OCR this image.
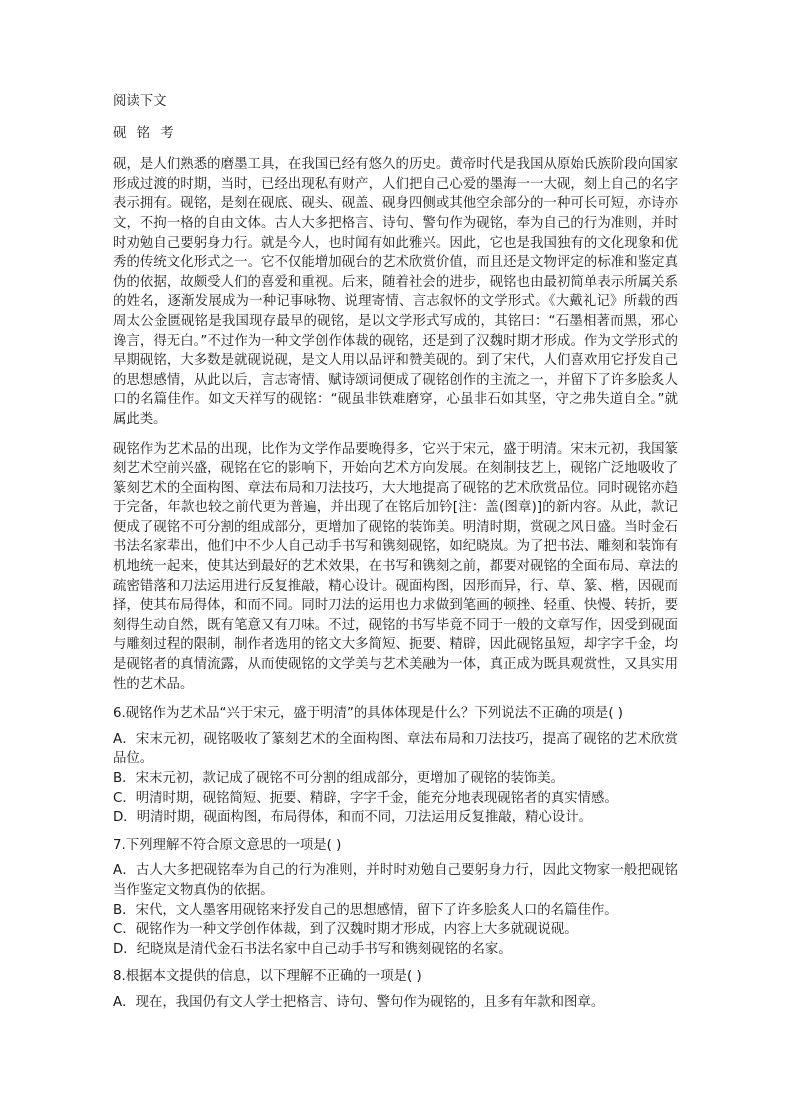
阅读下文

砚 铭 考

砚，是人们熟悉的磨墨工具，在我国已经有悠久的历史。黄帝时代是我国从原始氏族阶段向国家形成过渡的时期，当时，已经出现私有财产，人们把自己心爱的墨海一一大砚，刻上自己的名字表示拥有。砚铭，是刻在砚底、砚头、砚盖、砚身四侧或其他空余部分的一种可长可短，亦诗亦文，不拘一格的自由文体。古人大多把格言、诗句、警句作为砚铭，奉为自己的行为准则，并时时劝勉自己要躬身力行。就是今人，也时闻有如此雅兴。因此，它也是我国独有的文化现象和优秀的传统文化形式之一。它不仅能增加砚台的艺术欣赏价值，而且还是文物评定的标准和鉴定真伪的依据，故颇受人们的喜爱和重视。后来，随着社会的进步，砚铭也由最初简单表示所属关系的姓名，逐渐发展成为一种记事咏物、说理寄情、言志叙怀的文学形式。《大戴礼记》所载的西周太公金匮砚铭是我国现存最早的砚铭，是以文学形式写成的，其铭曰：“石墨相著而黑，邪心谗言，得无白。”不过作为一种文学创作体裁的砚铭，还是到了汉魏时期才形成。作为文学形式的早期砚铭，大多数是就砚说砚，是文人用以品评和赞美砚的。到了宋代，人们喜欢用它抒发自己的思想感情，从此以后，言志寄情、赋诗颂词便成了砚铭创作的主流之一，并留下了许多脍炙人口的名篇佳作。如文天祥写的砚铭：“砚虽非铁难磨穿，心虽非石如其坚，守之弗失道自全。”就属此类。

砚铭作为艺术品的出现，比作为文学作品要晚得多，它兴于宋元，盛于明清。宋末元初，我国篆刻艺术空前兴盛，砚铭在它的影响下，开始向艺术方向发展。在刻制技艺上，砚铭广泛地吸收了篆刻艺术的全面构图、章法布局和刀法技巧，大大地提高了砚铭的艺术欣赏品位。同时砚铭亦趋于完备，年款也较之前代更为普遍，并出现了在铭后加钤[注：盖(图章)]的新内容。从此，款记便成了砚铭不可分割的组成部分，更增加了砚铭的装饰美。明清时期，赏砚之风日盛。当时金石书法名家辈出，他们中不少人自己动手书写和镌刻砚铭，如纪晓岚。为了把书法、雕刻和装饰有机地统一起来，使其达到最好的艺术效果，在书写和镌刻之前，都要对砚铭的全面布局、章法的疏密错落和刀法运用进行反复推敲，精心设计。砚面构图，因形而异，行、草、篆、楷，因砚而择，使其布局得体，和而不同。同时刀法的运用也力求做到笔画的顿挫、轻重、快慢、转折，要刻得生动自然，既有笔意又有刀味。不过，砚铭的书写毕竟不同于一般的文章写作，因受到砚面与雕刻过程的限制，制作者选用的铭文大多简短、扼要、精辟，因此砚铭虽短，却字字千金，均是砚铭者的真情流露，从而使砚铭的文学美与艺术美融为一体，真正成为既具观赏性，又具实用性的艺术品。

6.砚铭作为艺术品“兴于宋元，盛于明清”的具体体现是什么？下列说法不正确的项是( )

A．宋末元初，砚铭吸收了篆刻艺术的全面构图、章法布局和刀法技巧，提高了砚铭的艺术欣赏品位。

B．宋末元初，款记成了砚铭不可分割的组成部分，更增加了砚铭的装饰美。

C．明清时期，砚铭简短、扼要、精辟，字字千金，能充分地表现砚铭者的真实情感。

D．明清时期，砚面构图，布局得体，和而不同，刀法运用反复推敲，精心设计。

7.下列理解不符合原文意思的一项是( )

A．古人大多把砚铭奉为自己的行为准则，并时时劝勉自己要躬身力行，因此文物家一般把砚铭当作鉴定文物真伪的依据。

B．宋代，文人墨客用砚铭来抒发自己的思想感情，留下了许多脍炙人口的名篇佳作。

C．砚铭作为一种文学创作体裁，到了汉魏时期才形成，内容上大多就砚说砚。

D．纪晓岚是清代金石书法名家中自己动手书写和镌刻砚铭的名家。

8.根据本文提供的信息，以下理解不正确的一项是( )

A．现在，我国仍有文人学士把格言、诗句、警句作为砚铭的，且多有年款和图章。
